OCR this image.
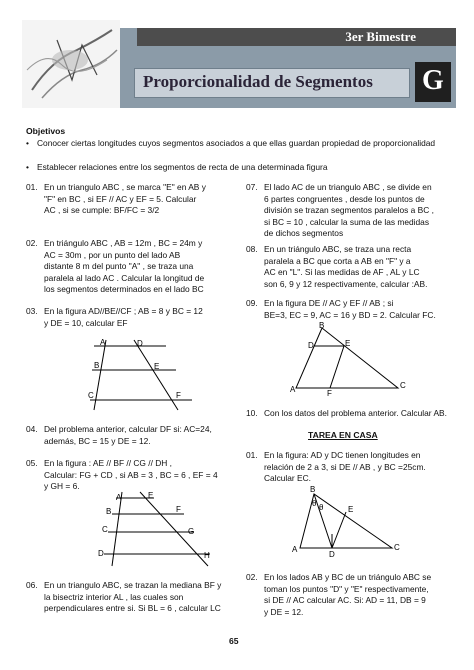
3er Bimestre
Proporcionalidad de Segmentos G
Objetivos
• Conocer ciertas longitudes cuyos segmentos asociados a que ellas guardan propiedad de proporcionalidad
• Establecer relaciones entre los segmentos de recta de una determinada figura
01. En un triangulo ABC , se marca "E" en AB y
"F" en BC , si EF // AC y EF = 5. Calcular
AC , si se cumple: BF/FC = 3/2
02. En triángulo ABC , AB = 12m , BC = 24m y
AC = 30m , por un punto del lado AB
distante 8 m del punto "A" , se traza una
paralela al lado AC . Calcular la longitud de
los segmentos determinados en el lado BC
03. En la figura AD//BE//CF ; AB = 8 y BC = 12
y DE = 10, calcular EF
A	D
B	E
C	F
04. Del problema anterior, calcular DF si: AC=24,
además, BC = 15 y DE = 12.
05. En la figura : AE // BF // CG // DH ,
Calcular: FG + CD , si AB = 3 , BC = 6 , EF = 4
y GH = 6.
A	E
B	F
C	G
D	H
06. En un triangulo ABC, se trazan la mediana BF y
la bisectriz interior AL , las cuales son
perpendiculares entre si. Si BL = 6 , calcular LC
07. El lado AC de un triangulo ABC , se divide en
6 partes congruentes , desde los puntos de
división se trazan segmentos paralelos a BC ,
si BC = 10 , calcular la suma de las medidas
de dichos segmentos
08. En un triángulo ABC, se traza una recta
paralela a BC que corta a AB en "F" y a
AC en "L". Si las medidas de AF , AL y LC
son 6, 9 y 12 respectivamente, calcular :AB.
09. En la figura DE // AC y EF // AB ; si
BE=3, EC = 9, AC = 16 y BD = 2. Calcular FC.
B
D	E
A	F
C
10. Con los datos del problema anterior. Calcular AB.
TAREA EN CASA
01. En la figura: AD y DC tienen longitudes en
relación de 2 a 3, si DE // AB , y BC =25cm.
Calcular EC.
B
θ θ	E
A
D
C
02. En los lados AB y BC de un triángulo ABC se
toman los puntos "D" y "E" respectivamente,
si DE // AC calcular AC. Si: AD = 11, DB = 9
y DE = 12.
65
